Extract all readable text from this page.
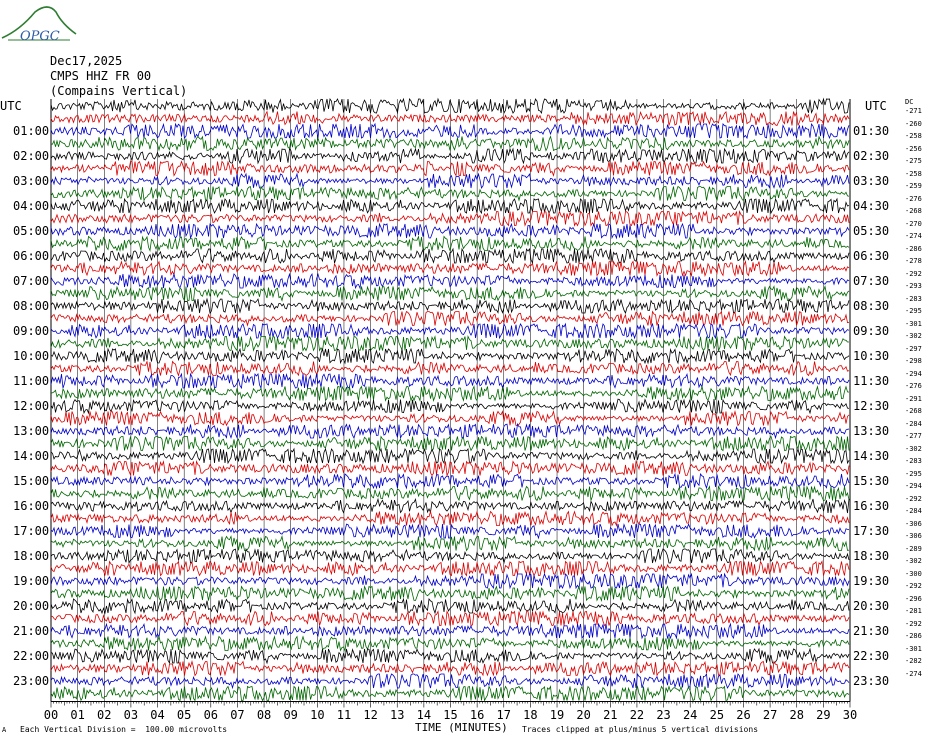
OPGC
Dec17,2025
CMPS HHZ FR 00
(Compains Vertical)
UTC	UTC	DC
01:00
02:00
03:00
04:00
05:00
06:00
07:00
08:00
09:00
10:00
11:00
12:00
13:00
14:00
15:00
16:00
17:00
18:00
19:00
20:00
21:00
22:00
23:00
01:30
02:30
03:30
04:30
05:30
06:30
07:30
08:30
09:30
10:30
11:30
12:30
13:30
14:30
15:30
16:30
17:30
18:30
19:30
20:30
21:30
22:30
23:30
-271
-260
-258
-256
-275
-258
-259
-276
-268
-270
-274
-286
-278
-292
-293
-283
-295
-301
-302
-297
-298
-294
-276
-291
-268
-284
-277
-302
-283
-295
-294
-292
-284
-306
-306
-289
-302
-300
-292
-296
-281
-292
-286
-301
-282
-274
00 01 02 03 04 05 06 07 08 09 10 11 12 13 14 15 16 17 18 19 20 21 22 23 24 25 26 27 28 29 30
TIME (MINUTES)
A Each Vertical Division =  100.00 microvolts	Traces clipped at plus/minus 5 vertical divisions
